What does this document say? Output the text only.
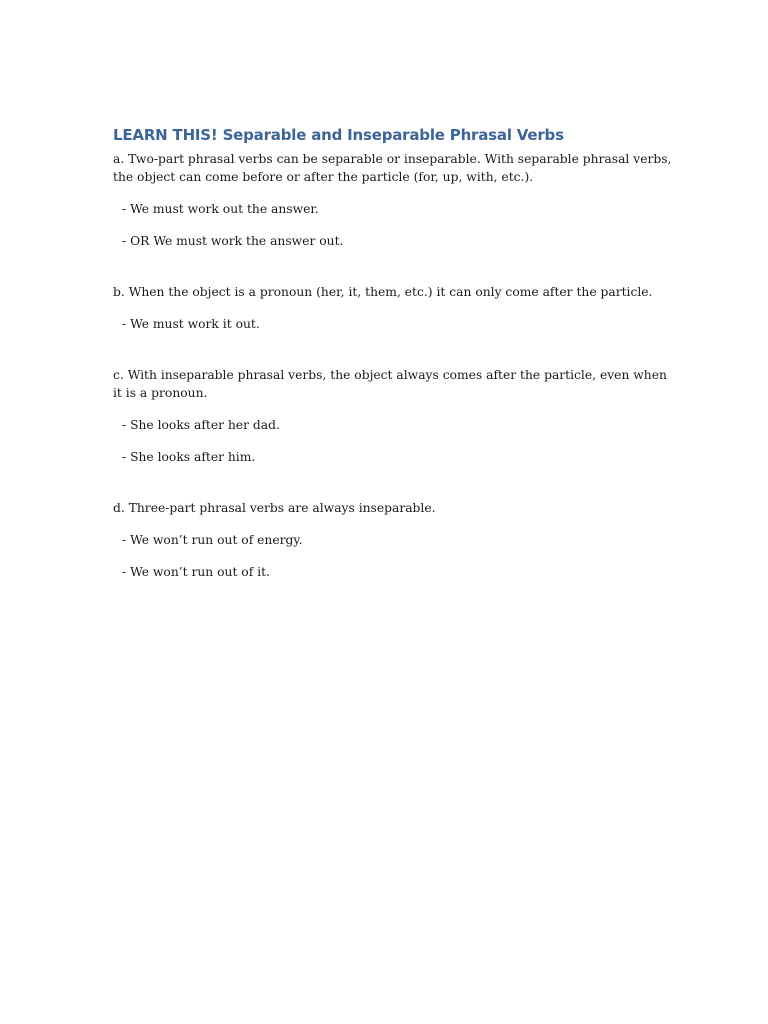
LEARN THIS! Separable and Inseparable Phrasal Verbs

a. Two-part phrasal verbs can be separable or inseparable. With separable phrasal verbs, the object can come before or after the particle (for, up, with, etc.).

- We must work out the answer.

- OR We must work the answer out.

b. When the object is a pronoun (her, it, them, etc.) it can only come after the particle.

- We must work it out.

c. With inseparable phrasal verbs, the object always comes after the particle, even when it is a pronoun.

- She looks after her dad.

- She looks after him.

d. Three-part phrasal verbs are always inseparable.

- We won’t run out of energy.

- We won’t run out of it.
